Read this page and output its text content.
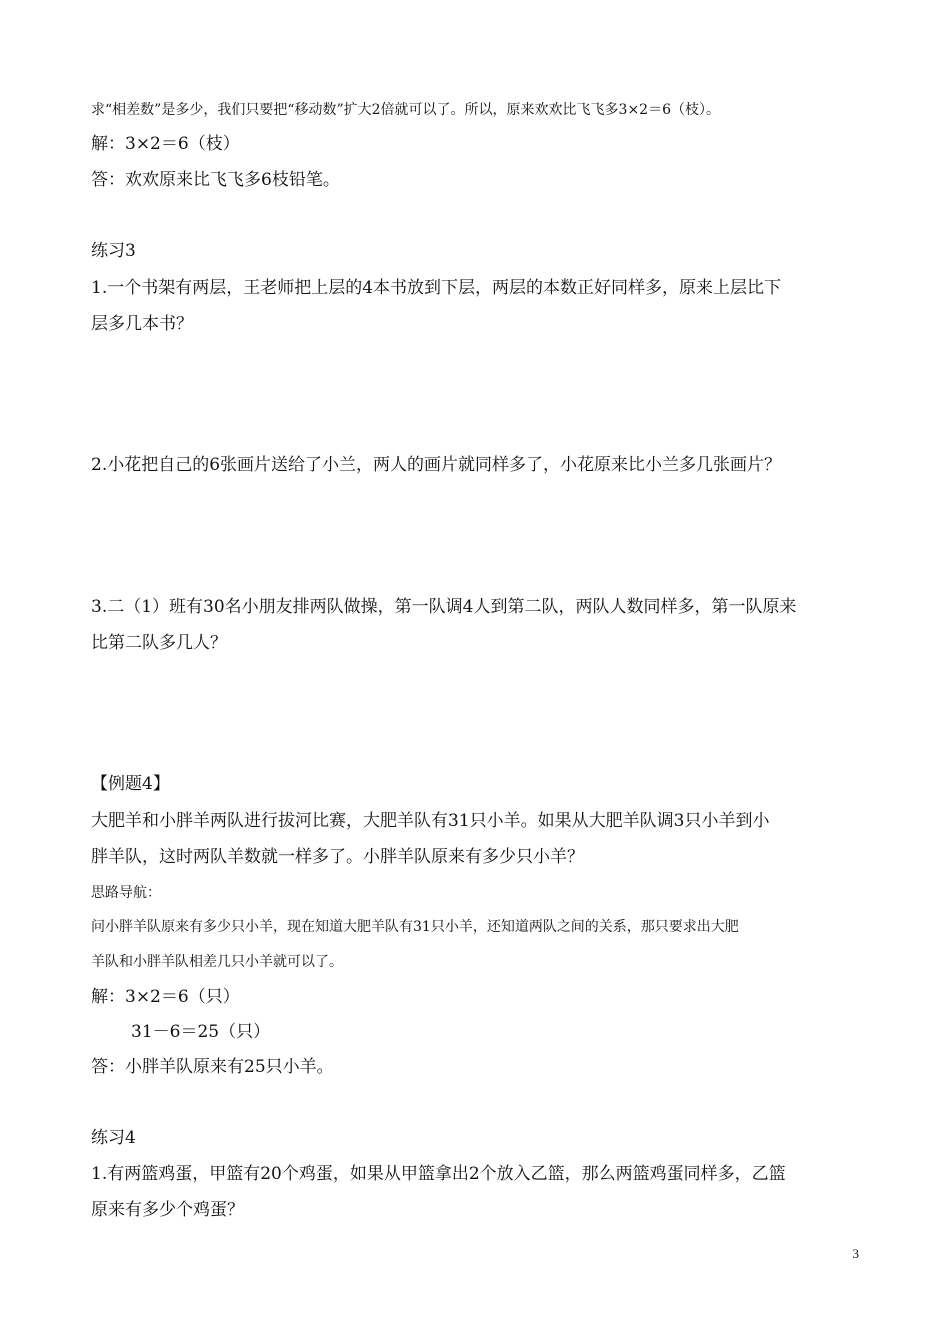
求“相差数”是多少，我们只要把“移动数”扩大2倍就可以了。所以，原来欢欢比飞飞多3×2＝6（枝）。
解：3×2＝6（枝）
答：欢欢原来比飞飞多6枝铅笔。
练习3
1.一个书架有两层，王老师把上层的4本书放到下层，两层的本数正好同样多，原来上层比下
层多几本书？
2.小花把自己的6张画片送给了小兰，两人的画片就同样多了，小花原来比小兰多几张画片？
3.二（1）班有30名小朋友排两队做操，第一队调4人到第二队，两队人数同样多，第一队原来
比第二队多几人？
【例题4】
大肥羊和小胖羊两队进行拔河比赛，大肥羊队有31只小羊。如果从大肥羊队调3只小羊到小
胖羊队，这时两队羊数就一样多了。小胖羊队原来有多少只小羊？
思路导航：
问小胖羊队原来有多少只小羊，现在知道大肥羊队有31只小羊，还知道两队之间的关系，那只要求出大肥
羊队和小胖羊队相差几只小羊就可以了。
解：3×2＝6（只）
31－6＝25（只）
答：小胖羊队原来有25只小羊。
练习4
1.有两篮鸡蛋，甲篮有20个鸡蛋，如果从甲篮拿出2个放入乙篮，那么两篮鸡蛋同样多，乙篮
原来有多少个鸡蛋？
3
